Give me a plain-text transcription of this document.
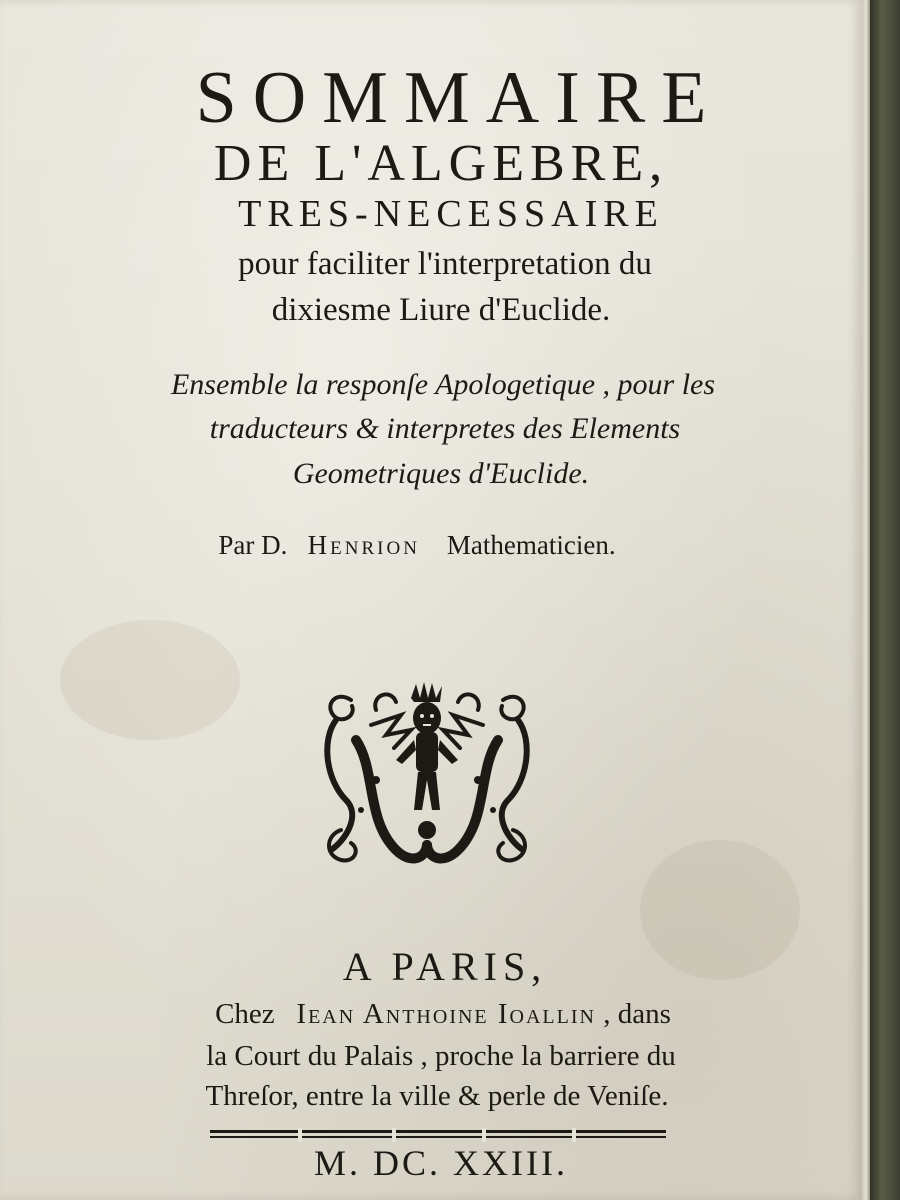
SOMMAIRE
DE L'ALGEBRE,
TRES-NECESSAIRE
pour faciliter l'interpretation du
dixiesme Liure d'Euclide.
Ensemble la responſe Apologetique , pour les
traducteurs & interpretes des Elements
Geometriques d'Euclide.
Par D. Henrion Mathematicien.
A PARIS,
Chez Iean Anthoine Ioallin , dans
la Court du Palais , proche la barriere du
Threſor, entre la ville & perle de Veniſe.
M. DC. XXIII.
